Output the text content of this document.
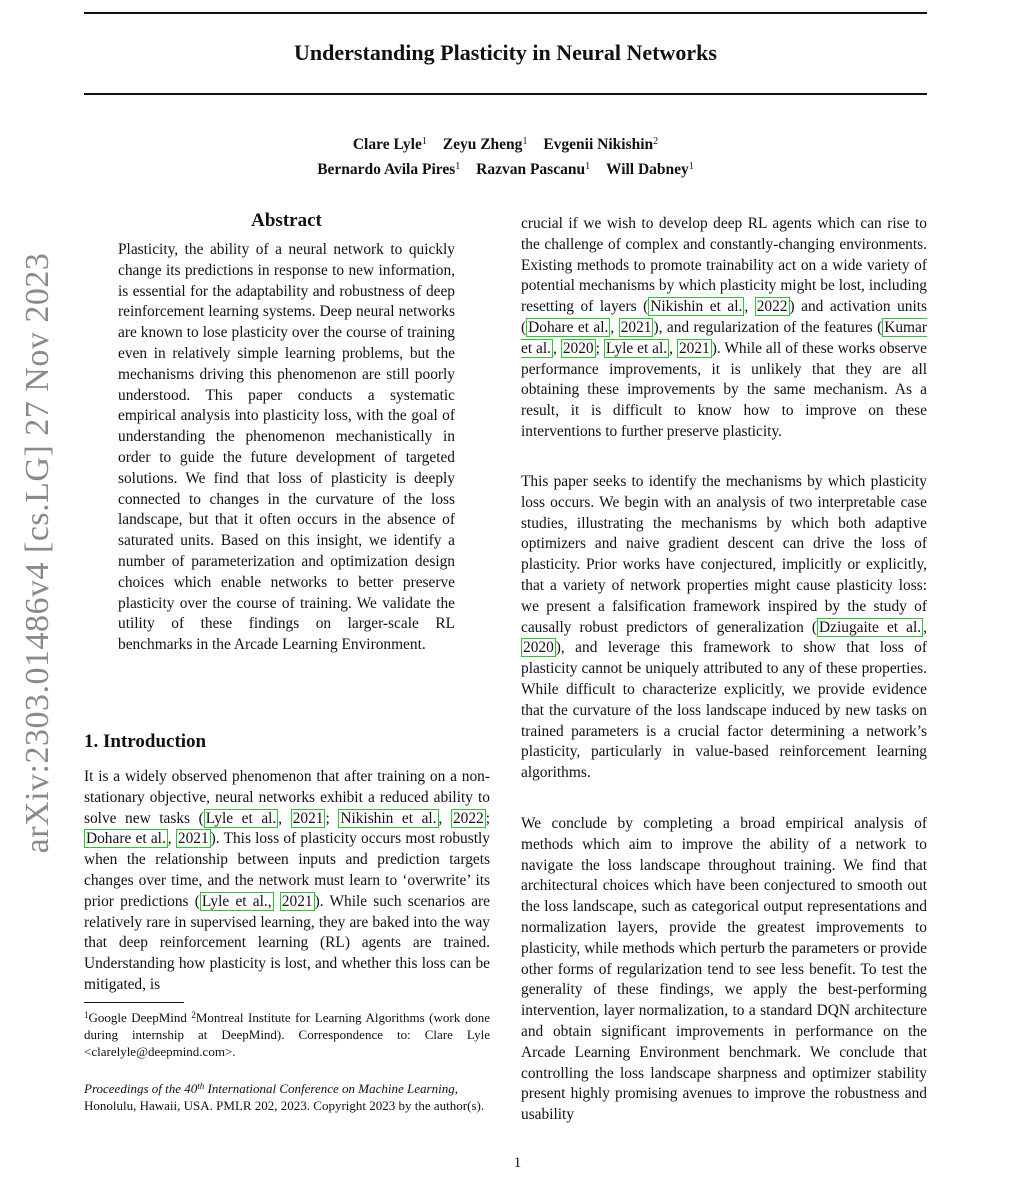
Understanding Plasticity in Neural Networks
Clare Lyle$^1$ Zeyu Zheng$^1$ Evgenii Nikishin$^2$
Bernardo Avila Pires$^1$ Razvan Pascanu$^1$ Will Dabney$^1$
arXiv:2303.01486v4 [cs.LG] 27 Nov 2023
Abstract

Plasticity, the ability of a neural network to quickly change its predictions in response to new information, is essential for the adaptability and robustness of deep reinforcement learning systems. Deep neural networks are known to lose plasticity over the course of training even in relatively simple learning problems, but the mechanisms driving this phenomenon are still poorly understood. This paper conducts a systematic empirical analysis into plasticity loss, with the goal of understanding the phenomenon mechanistically in order to guide the future development of targeted solutions. We find that loss of plasticity is deeply connected to changes in the curvature of the loss landscape, but that it often occurs in the absence of saturated units. Based on this insight, we identify a number of parameterization and optimization design choices which enable networks to better preserve plasticity over the course of training. We validate the utility of these findings on larger-scale RL benchmarks in the Arcade Learning Environment.

1. Introduction

It is a widely observed phenomenon that after training on a non-stationary objective, neural networks exhibit a reduced ability to solve new tasks ( Lyle et al. , 2021 ; Nikishin et al. , 2022 ; Dohare et al. , 2021 ). This loss of plasticity occurs most robustly when the relationship between inputs and prediction targets changes over time, and the network must learn to ‘overwrite’ its prior predictions ( Lyle et al., 2021 ). While such scenarios are relatively rare in supervised learning, they are baked into the way that deep reinforcement learning (RL) agents are trained. Understanding how plasticity is lost, and whether this loss can be mitigated, is

$^1$Google DeepMind $^2$Montreal Institute for Learning Algorithms (work done during internship at DeepMind). Correspondence to: Clare Lyle <clarelyle@deepmind.com>.
Proceedings of the 40th International Conference on Machine Learning, Honolulu, Hawaii, USA. PMLR 202, 2023. Copyright 2023 by the author(s).

crucial if we wish to develop deep RL agents which can rise to the challenge of complex and constantly-changing environments. Existing methods to promote trainability act on a wide variety of potential mechanisms by which plasticity might be lost, including resetting of layers ( Nikishin et al. , 2022 ) and activation units ( Dohare et al. , 2021 ), and regularization of the features ( Kumar et al. , 2020 ; Lyle et al. , 2021 ). While all of these works observe performance improvements, it is unlikely that they are all obtaining these improvements by the same mechanism. As a result, it is difficult to know how to improve on these interventions to further preserve plasticity.

This paper seeks to identify the mechanisms by which plasticity loss occurs. We begin with an analysis of two interpretable case studies, illustrating the mechanisms by which both adaptive optimizers and naive gradient descent can drive the loss of plasticity. Prior works have conjectured, implicitly or explicitly, that a variety of network properties might cause plasticity loss: we present a falsification framework inspired by the study of causally robust predictors of generalization ( Dziugaite et al. , 2020 ), and leverage this framework to show that loss of plasticity cannot be uniquely attributed to any of these properties. While difficult to characterize explicitly, we provide evidence that the curvature of the loss landscape induced by new tasks on trained parameters is a crucial factor determining a network’s plasticity, particularly in value-based reinforcement learning algorithms.

We conclude by completing a broad empirical analysis of methods which aim to improve the ability of a network to navigate the loss landscape throughout training. We find that architectural choices which have been conjectured to smooth out the loss landscape, such as categorical output representations and normalization layers, provide the greatest improvements to plasticity, while methods which perturb the parameters or provide other forms of regularization tend to see less benefit. To test the generality of these findings, we apply the best-performing intervention, layer normalization, to a standard DQN architecture and obtain significant improvements in performance on the Arcade Learning Environment benchmark. We conclude that controlling the loss landscape sharpness and optimizer stability present highly promising avenues to improve the robustness and usability

1
